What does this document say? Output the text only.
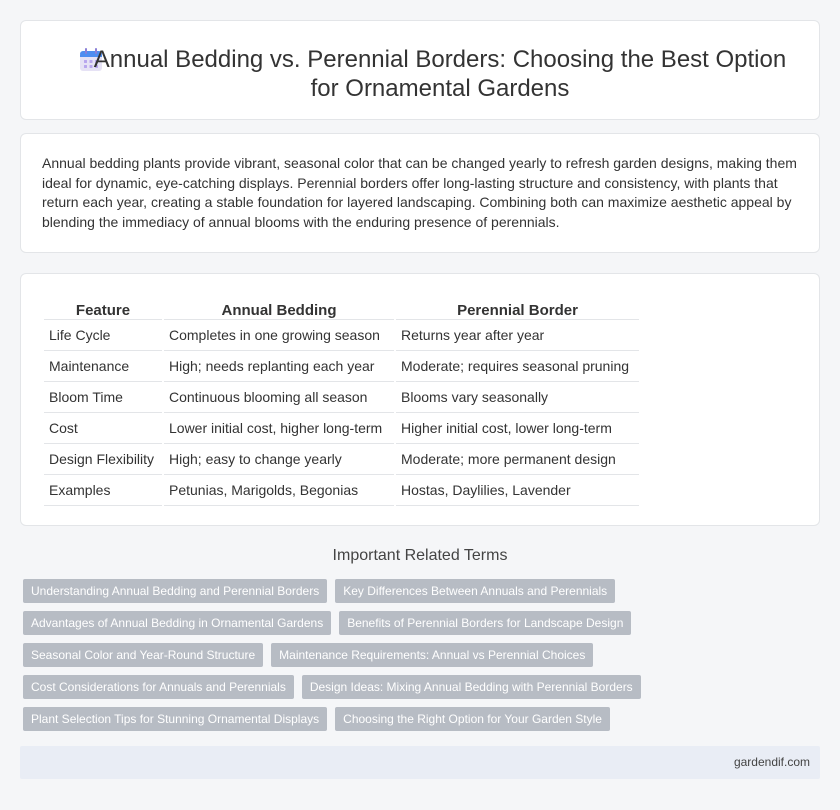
Annual Bedding vs. Perennial Borders: Choosing the Best Option for Ornamental Gardens

Annual bedding plants provide vibrant, seasonal color that can be changed yearly to refresh garden designs, making them ideal for dynamic, eye-catching displays. Perennial borders offer long-lasting structure and consistency, with plants that return each year, creating a stable foundation for layered landscaping. Combining both can maximize aesthetic appeal by blending the immediacy of annual blooms with the enduring presence of perennials.

Feature	Annual Bedding	Perennial Border
Life Cycle	Completes in one growing season	Returns year after year
Maintenance	High; needs replanting each year	Moderate; requires seasonal pruning
Bloom Time	Continuous blooming all season	Blooms vary seasonally
Cost	Lower initial cost, higher long-term	Higher initial cost, lower long-term
Design Flexibility	High; easy to change yearly	Moderate; more permanent design
Examples	Petunias, Marigolds, Begonias	Hostas, Daylilies, Lavender
Important Related Terms
Understanding Annual Bedding and Perennial Borders	Key Differences Between Annuals and Perennials
Advantages of Annual Bedding in Ornamental Gardens	Benefits of Perennial Borders for Landscape Design
Seasonal Color and Year-Round Structure	Maintenance Requirements: Annual vs Perennial Choices
Cost Considerations for Annuals and Perennials	Design Ideas: Mixing Annual Bedding with Perennial Borders
Plant Selection Tips for Stunning Ornamental Displays	Choosing the Right Option for Your Garden Style
gardendif.com
